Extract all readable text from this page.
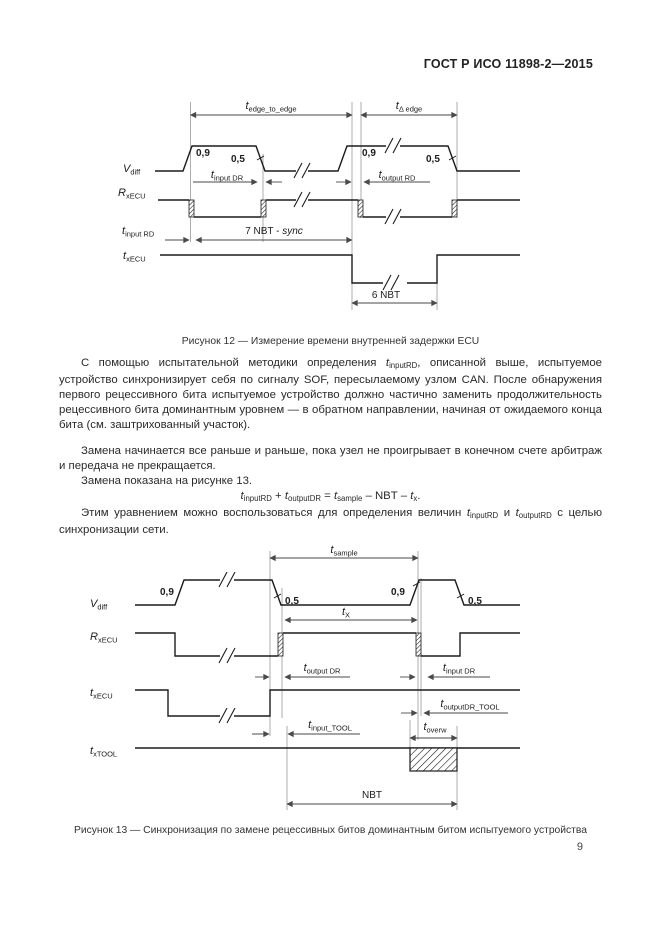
ГОСТ Р ИСО 11898-2—2015
tedge_to_edge	tΔ edge
Vdiff
0,9
0,5
0,9
0,5
tinput DR	toutput RD
RxECU
tinput RD	7 NBT - sync
txECU
6 NBT
Рисунок 12 — Измерение времени внутренней задержки ECU

С помощью испытательной методики определения tinputRD, описанной выше, испытуемое устройство синхронизирует себя по сигналу SOF, пересылаемому узлом CAN. После обнаружения первого рецессивного бита испытуемое устройство должно частично заменить продолжительность рецессивного бита доминантным уровнем — в обратном направлении, начиная от ожидаемого конца бита (см. заштрихованный участок).

Замена начинается все раньше и раньше, пока узел не проигрывает в конечном счете арбитраж и передача не прекращается.

Замена показана на рисунке 13.

tinputRD + toutputDR = tsample – NBT – tx.

Этим уравнением можно воспользоваться для определения величин tinputRD и toutputRD с целью синхронизации сети.

tsample
Vdiff
0,9
0,5
0,9
0,5
tX
RxECU
toutput DR	tinput DR
txECU
toutputDR_TOOL
tinput_TOOL	toverw
txTOOL
NBT
Рисунок 13 — Синхронизация по замене рецессивных битов доминантным битом испытуемого устройства
9
